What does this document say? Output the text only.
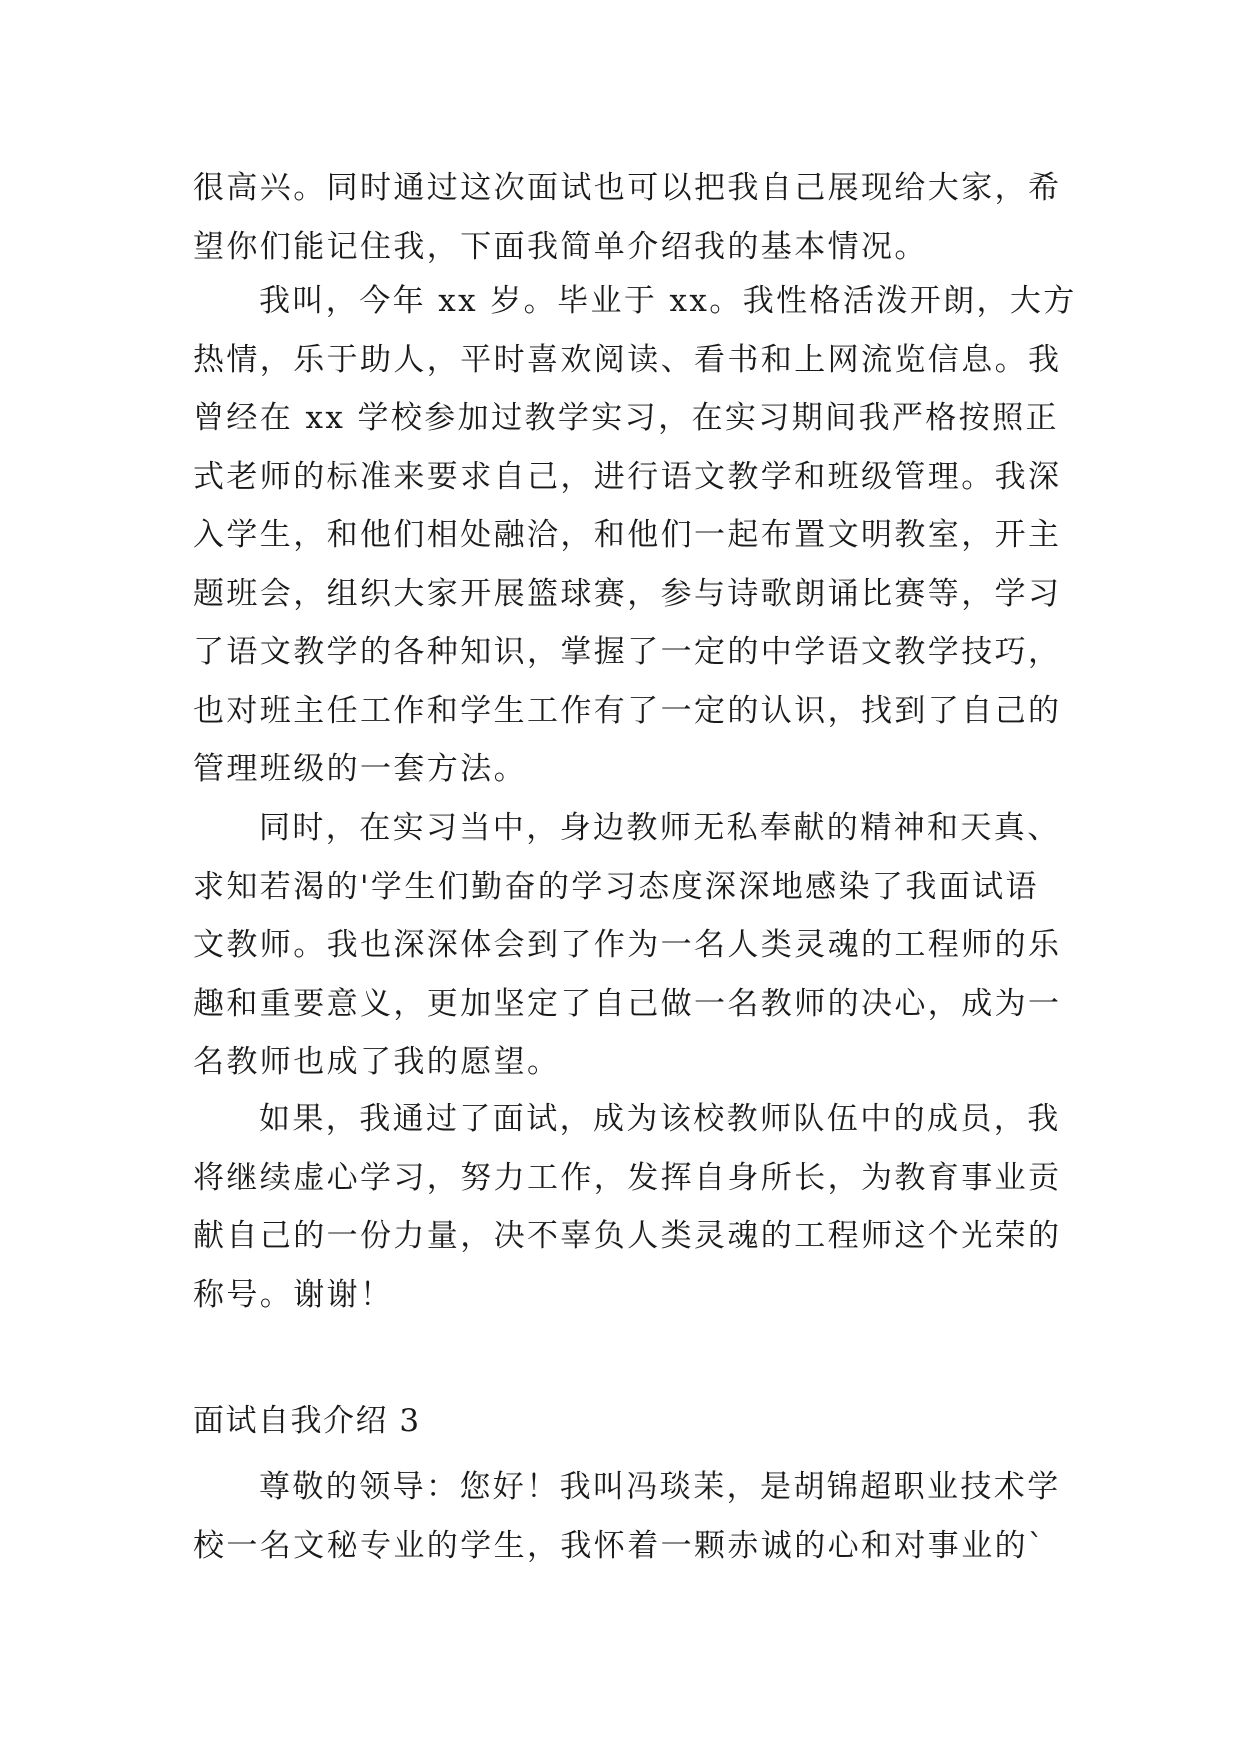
很高兴。同时通过这次面试也可以把我自己展现给大家，希
望你们能记住我，下面我简单介绍我的基本情况。
我叫，今年 xx 岁。毕业于 xx。我性格活泼开朗，大方
热情，乐于助人，平时喜欢阅读、看书和上网流览信息。我
曾经在 xx 学校参加过教学实习，在实习期间我严格按照正
式老师的标准来要求自己，进行语文教学和班级管理。我深
入学生，和他们相处融洽，和他们一起布置文明教室，开主
题班会，组织大家开展篮球赛，参与诗歌朗诵比赛等，学习
了语文教学的各种知识，掌握了一定的中学语文教学技巧，
也对班主任工作和学生工作有了一定的认识，找到了自己的
管理班级的一套方法。
同时，在实习当中，身边教师无私奉献的精神和天真、
求知若渴的'学生们勤奋的学习态度深深地感染了我面试语
文教师。我也深深体会到了作为一名人类灵魂的工程师的乐
趣和重要意义，更加坚定了自己做一名教师的决心，成为一
名教师也成了我的愿望。
如果，我通过了面试，成为该校教师队伍中的成员，我
将继续虚心学习，努力工作，发挥自身所长，为教育事业贡
献自己的一份力量，决不辜负人类灵魂的工程师这个光荣的
称号。谢谢！
面试自我介绍 3
尊敬的领导：您好！我叫冯琰苿，是胡锦超职业技术学
校一名文秘专业的学生，我怀着一颗赤诚的心和对事业的`
